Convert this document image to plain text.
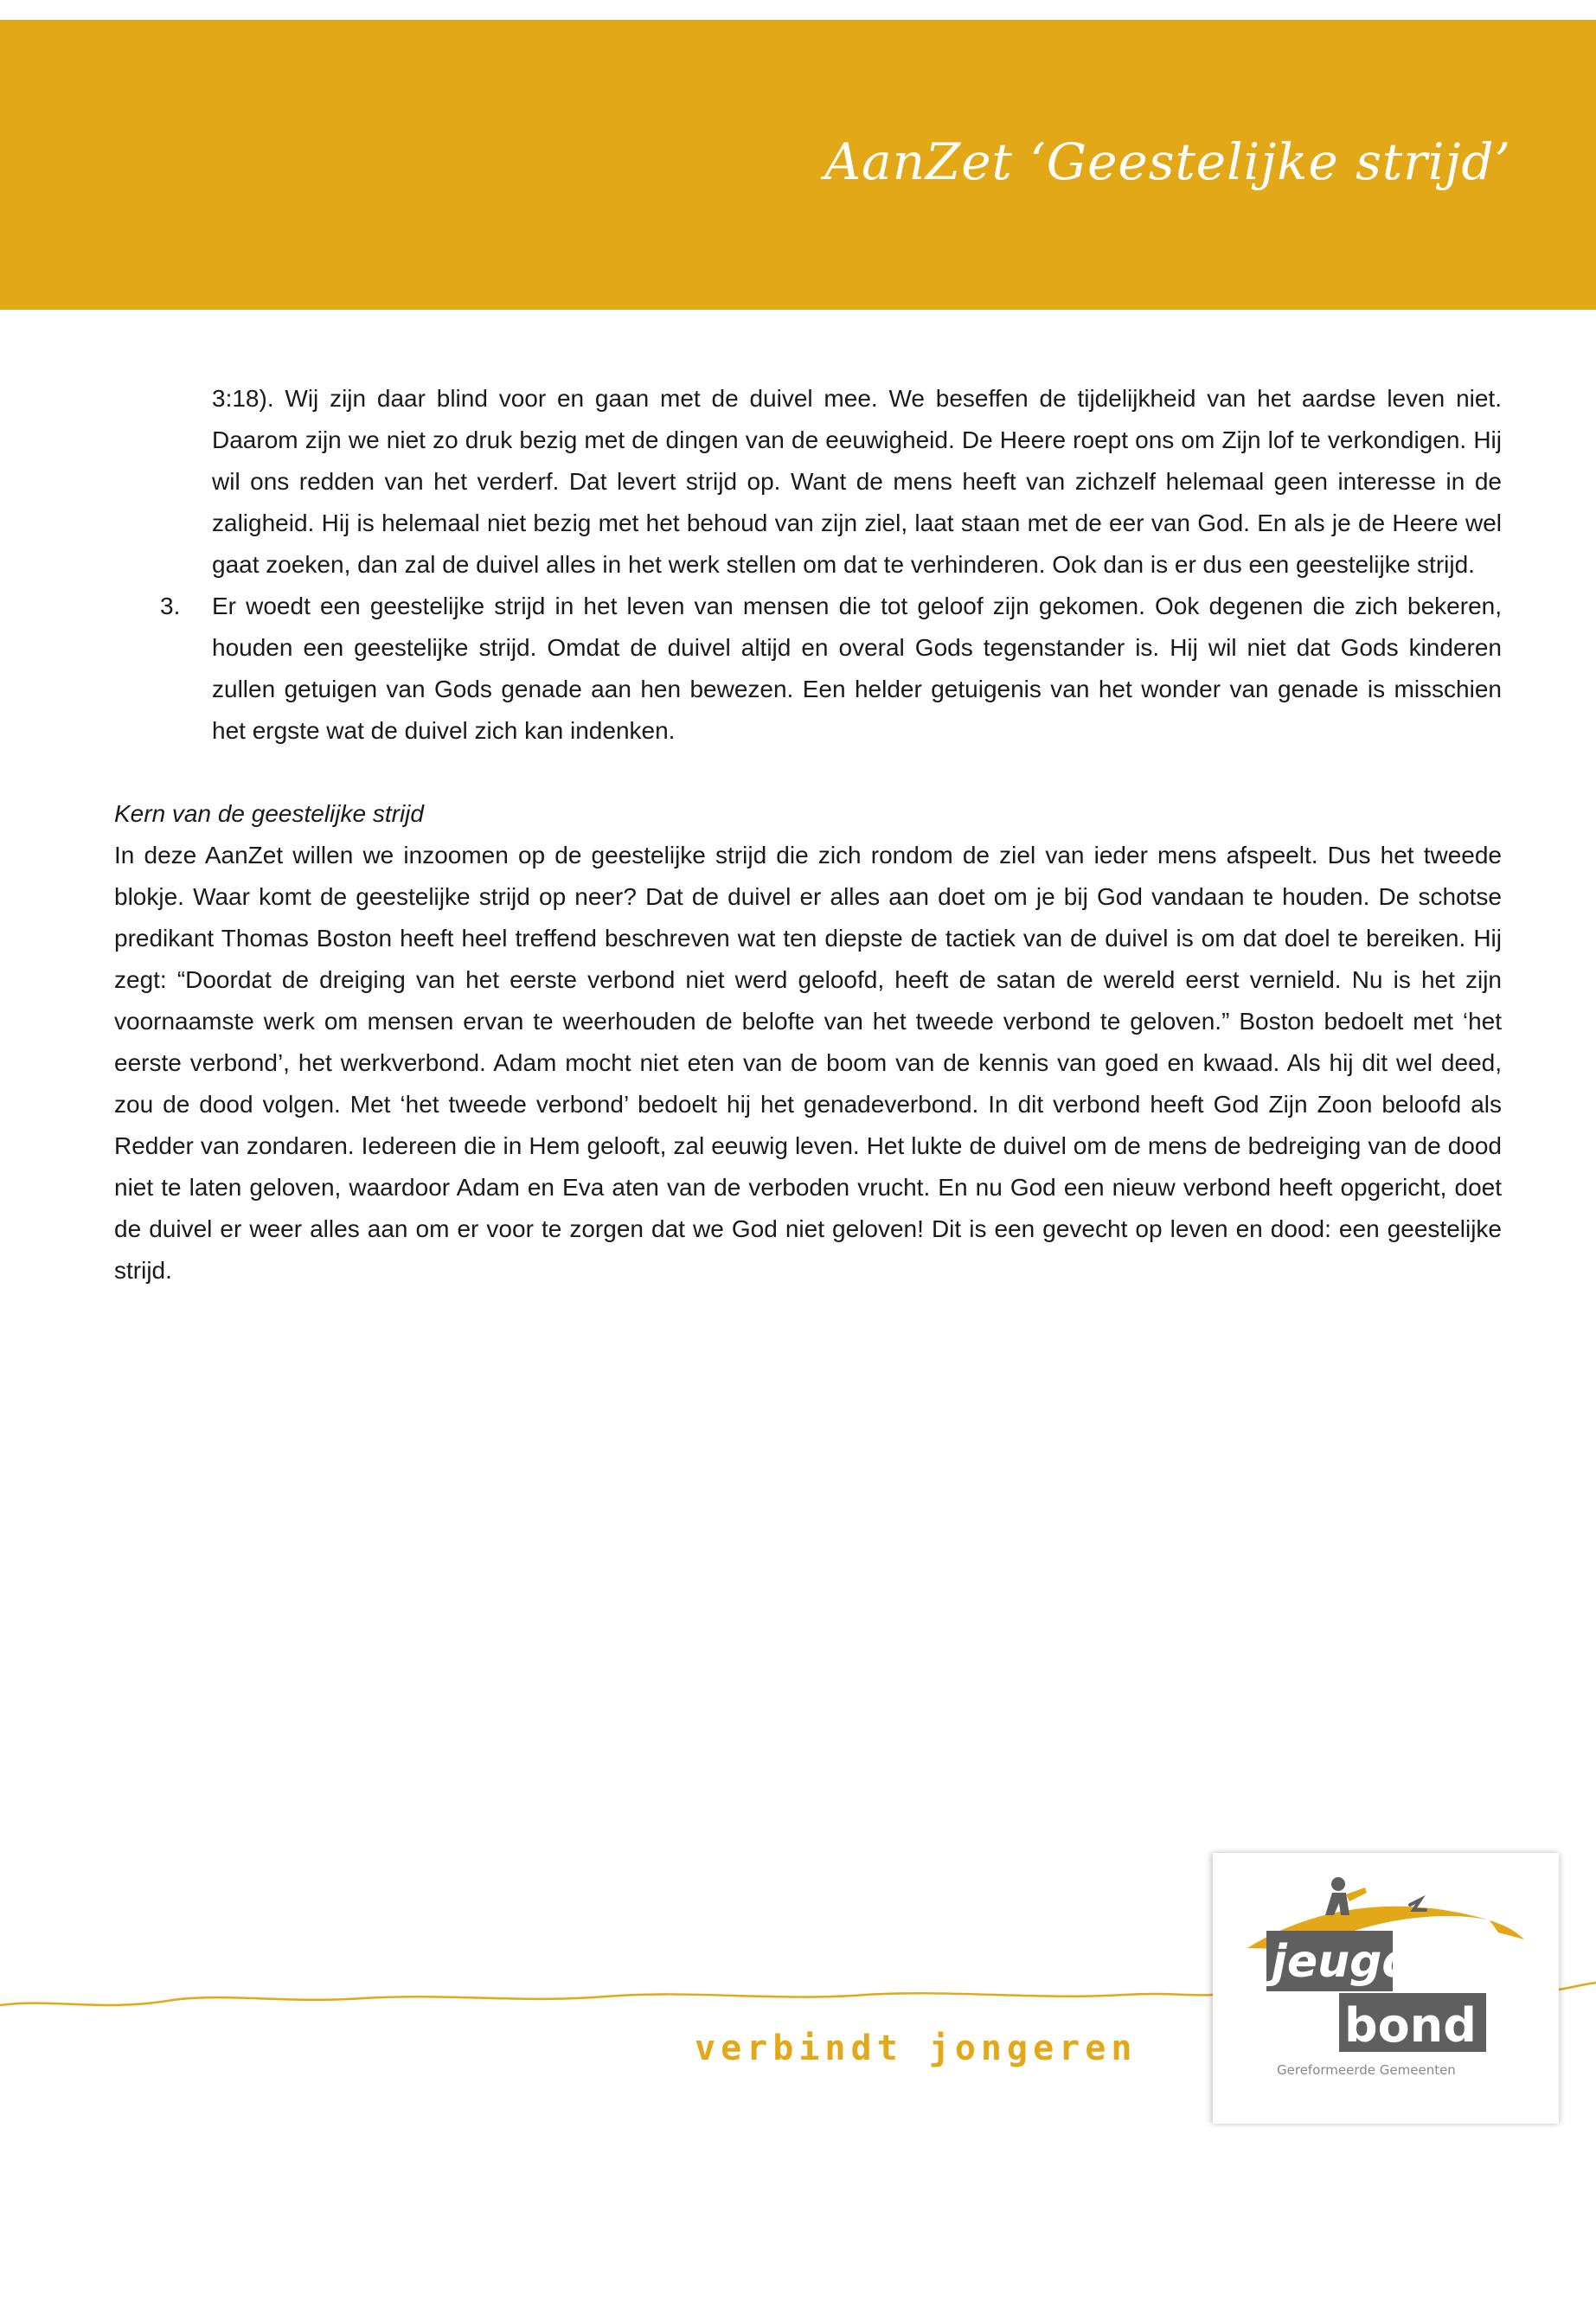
AanZet ‘Geestelijke strijd’

3:18). Wij zijn daar blind voor en gaan met de duivel mee. We beseffen de tijdelijkheid van het aardse leven niet. Daarom zijn we niet zo druk bezig met de dingen van de eeuwigheid. De Heere roept ons om Zijn lof te verkondigen. Hij wil ons redden van het verderf. Dat levert strijd op. Want de mens heeft van zichzelf helemaal geen interesse in de zaligheid. Hij is helemaal niet bezig met het behoud van zijn ziel, laat staan met de eer van God. En als je de Heere wel gaat zoeken, dan zal de duivel alles in het werk stellen om dat te verhinderen. Ook dan is er dus een geestelijke strijd.

3. Er woedt een geestelijke strijd in het leven van mensen die tot geloof zijn gekomen. Ook degenen die zich bekeren, houden een geestelijke strijd. Omdat de duivel altijd en overal Gods tegenstander is. Hij wil niet dat Gods kinderen zullen getuigen van Gods genade aan hen bewezen. Een helder getuigenis van het wonder van genade is misschien het ergste wat de duivel zich kan indenken.

Kern van de geestelijke strijd

In deze AanZet willen we inzoomen op de geestelijke strijd die zich rondom de ziel van ieder mens afspeelt. Dus het tweede blokje. Waar komt de geestelijke strijd op neer? Dat de duivel er alles aan doet om je bij God vandaan te houden. De schotse predikant Thomas Boston heeft heel treffend beschreven wat ten diepste de tactiek van de duivel is om dat doel te bereiken. Hij zegt: “Doordat de dreiging van het eerste verbond niet werd geloofd, heeft de satan de wereld eerst vernield. Nu is het zijn voornaamste werk om mensen ervan te weerhouden de belofte van het tweede verbond te geloven.” Boston bedoelt met ‘het eerste verbond’, het werkverbond. Adam mocht niet eten van de boom van de kennis van goed en kwaad. Als hij dit wel deed, zou de dood volgen. Met ‘het tweede verbond’ bedoelt hij het genadeverbond. In dit verbond heeft God Zijn Zoon beloofd als Redder van zondaren. Iedereen die in Hem gelooft, zal eeuwig leven. Het lukte de duivel om de mens de bedreiging van de dood niet te laten geloven, waardoor Adam en Eva aten van de verboden vrucht. En nu God een nieuw verbond heeft opgericht, doet de duivel er weer alles aan om er voor te zorgen dat we God niet geloven! Dit is een gevecht op leven en dood: een geestelijke strijd.

verbindt jongeren
jeugd
bond
Gereformeerde Gemeenten
